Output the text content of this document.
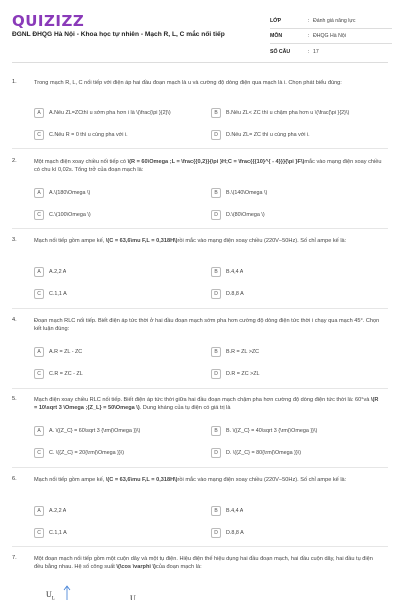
QUIZIZZ
ĐGNL ĐHQG Hà Nội - Khoa học tự nhiên - Mạch R, L, C mắc nối tiếp
LỚP	: Đánh giá năng lực
MÔN	: ĐHQG Hà Nội
SỐ CÂU	: 17
1.	Trong mạch R, L, C nối tiếp với điện áp hai đầu đoạn mạch là u và cường độ dòng điện qua mạch là i. Chọn phát biểu đúng:
A	A.Nếu ZL=ZCthì u sớm pha hơn i là \(\frac{\pi }{2}\)	B	B.Nếu ZL< ZC thì u chậm pha hơn u \(\frac{\pi }{2}\)
C	C.Nếu R = 0 thì u cùng pha với i.	D	D.Nếu ZL= ZC thì u cùng pha với i.
2.	Một mạch điện xoay chiều nối tiếp có \(R = 60\Omega ;L = \frac{{0,2}}{\pi }H;C = \frac{{{10}^{ - 4}}}{\pi }F\)mắc vào mạng điện xoay chiều có chu kì 0,02s. Tổng trở của đoạn mạch là:
A	A.\(180\Omega \)	B	B.\(140\Omega \)
C	C.\(100\Omega \)	D	D.\(80\Omega \)
3.	Mạch nối tiếp gồm ampe kế, \(C = 63,6\mu F,L = 0,318H\)rồi mắc vào mạng điện xoay chiều (220V−50Hz). Số chỉ ampe kế là:
A	A.2,2 A	B	B.4,4 A
C	C.1,1 A	D	D.8,8 A
4.	Đoạn mạch RLC nối tiếp. Biết điện áp tức thời ở hai đầu đoạn mạch sớm pha hơn cường độ dòng điện tức thời i chạy qua mạch 45°. Chọn kết luận đúng:
A	A.R = ZL - ZC	B	B.R = ZL >ZC
C	C.R = ZC - ZL	D	D.R = ZC >ZL
5.	Mạch điện xoay chiều RLC nối tiếp. Biết điện áp tức thời giữa hai đầu đoạn mạch chậm pha hơn cường độ dòng điện tức thời là: 60°và \(R = 10\sqrt 3 \Omega ;{Z_L} = 50\Omega \). Dung kháng của tụ điện có giá trị là
A	A. \({Z_C} = 60\sqrt 3 {\rm{\Omega }}\)	B	B. \({Z_C} = 40\sqrt 3 {\rm{\Omega }}\)
C	C. \({Z_C} = 20{\rm{\Omega }}\)	D	D. \({Z_C} = 80{\rm{\Omega }}\)
6.	Mạch nối tiếp gồm ampe kế, \(C = 63,6\mu F,L = 0,318H\)rồi mắc vào mạng điện xoay chiều (220V−50Hz). Số chỉ ampe kế là:
A	A.2,2 A	B	B.4,4 A
C	C.1,1 A	D	D.8,8 A
7.	Một đoạn mạch nối tiếp gồm một cuộn dây và một tụ điện. Hiệu điện thế hiệu dụng hai đầu đoạn mạch, hai đầu cuộn dây, hai đầu tụ điện đều bằng nhau. Hệ số công suất \(\cos \varphi \)của đoạn mạch là:
$U_L$	U
